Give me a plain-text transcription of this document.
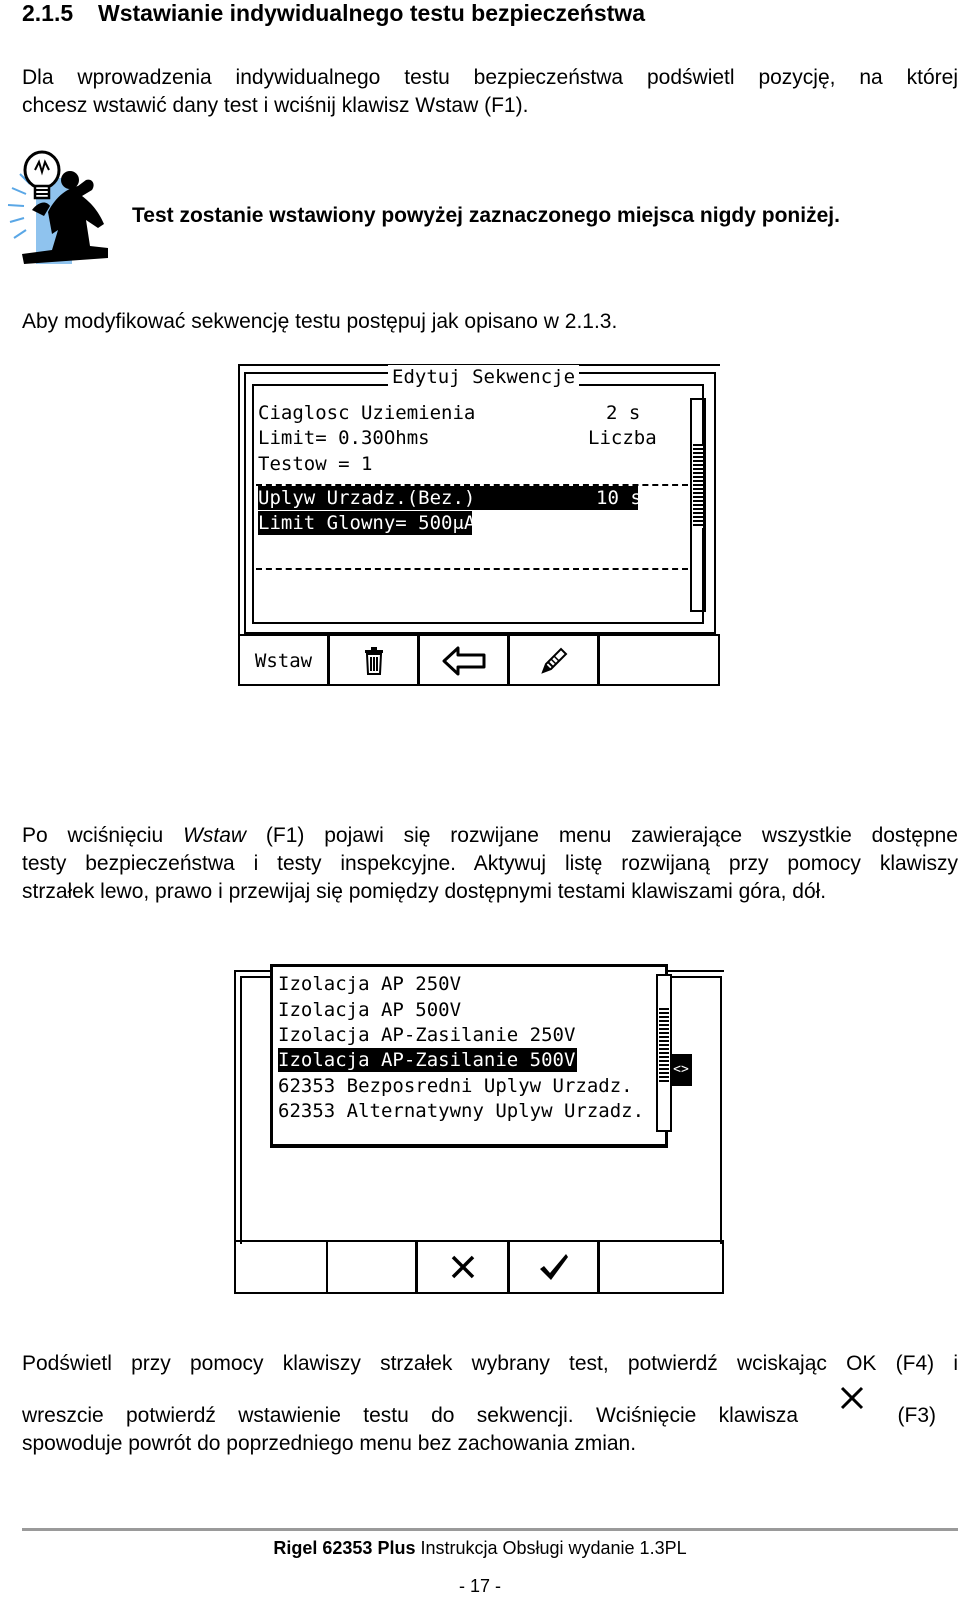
2.1.5 Wstawianie indywidualnego testu bezpieczeństwa
Dla wprowadzenia indywidualnego testu bezpieczeństwa podświetl pozycję, na której
chcesz wstawić dany test i wciśnij klawisz Wstaw (F1).
Test zostanie wstawiony powyżej zaznaczonego miejsca nigdy poniżej.
Aby modyfikować sekwencję testu postępuj jak opisano w 2.1.3.
Edytuj Sekwencje
Ciaglosc Uziemienia	2 s
Limit= 0.30Ohms	Liczba
Testow = 1
Uplyw Urzadz.(Bez.)	10 s
Limit Glowny= 500μA
Wstaw
Po wciśnięciu Wstaw (F1) pojawi się rozwijane menu zawierające wszystkie dostępne
testy bezpieczeństwa i testy inspekcyjne. Aktywuj listę rozwijaną przy pomocy klawiszy
strzałek lewo, prawo i przewijaj się pomiędzy dostępnymi testami klawiszami góra, dół.
Izolacja AP 250V
Izolacja AP 500V
Izolacja AP-Zasilanie 250V
Izolacja AP-Zasilanie 500V
62353 Bezposredni Uplyw Urzadz.
62353 Alternatywny Uplyw Urzadz.
<>
Podświetl przy pomocy klawiszy strzałek wybrany test, potwierdź wciskając OK (F4) i
wreszcie potwierdź wstawienie testu do sekwencji. Wciśnięcie klawisza	(F3)
spowoduje powrót do poprzedniego menu bez zachowania zmian.
Rigel 62353 Plus Instrukcja Obsługi wydanie 1.3PL
- 17 -
